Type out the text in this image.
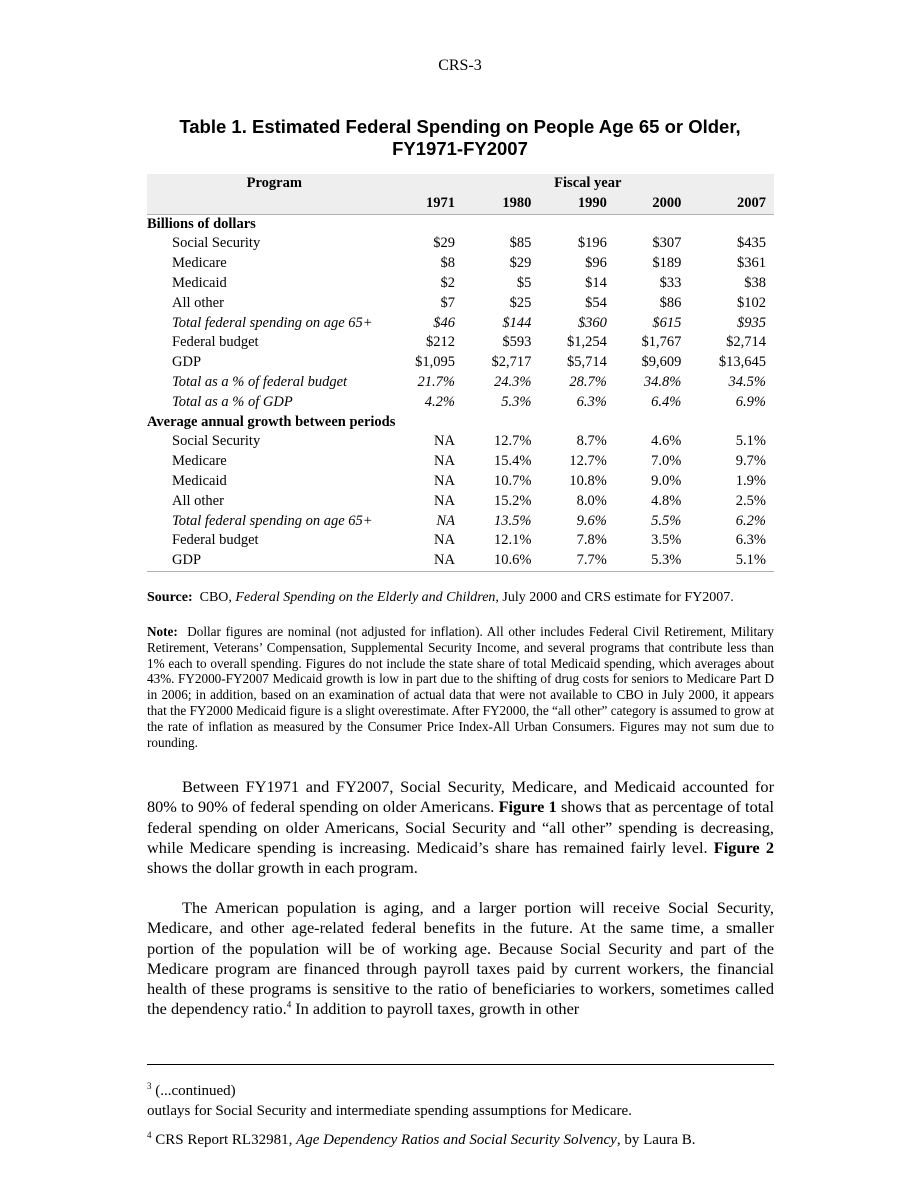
CRS-3
Table 1. Estimated Federal Spending on People Age 65 or Older,
FY1971-FY2007
Program	Fiscal year				
	1971	1980	1990	2000	2007
Billions of dollars					
Social Security	$29	$85	$196	$307	$435
Medicare	$8	$29	$96	$189	$361
Medicaid	$2	$5	$14	$33	$38
All other	$7	$25	$54	$86	$102
Total federal spending on age 65+	$46	$144	$360	$615	$935
Federal budget	$212	$593	$1,254	$1,767	$2,714
GDP	$1,095	$2,717	$5,714	$9,609	$13,645
Total as a % of federal budget	21.7%	24.3%	28.7%	34.8%	34.5%
Total as a % of GDP	4.2%	5.3%	6.3%	6.4%	6.9%
Average annual growth between periods					
Social Security	NA	12.7%	8.7%	4.6%	5.1%
Medicare	NA	15.4%	12.7%	7.0%	9.7%
Medicaid	NA	10.7%	10.8%	9.0%	1.9%
All other	NA	15.2%	8.0%	4.8%	2.5%
Total federal spending on age 65+	NA	13.5%	9.6%	5.5%	6.2%
Federal budget	NA	12.1%	7.8%	3.5%	6.3%
GDP	NA	10.6%	7.7%	5.3%	5.1%
Source: CBO, Federal Spending on the Elderly and Children, July 2000 and CRS estimate for FY2007.
Note: Dollar figures are nominal (not adjusted for inflation). All other includes Federal Civil Retirement, Military Retirement, Veterans’ Compensation, Supplemental Security Income, and several programs that contribute less than 1% each to overall spending. Figures do not include the state share of total Medicaid spending, which averages about 43%. FY2000-FY2007 Medicaid growth is low in part due to the shifting of drug costs for seniors to Medicare Part D in 2006; in addition, based on an examination of actual data that were not available to CBO in July 2000, it appears that the FY2000 Medicaid figure is a slight overestimate. After FY2000, the “all other” category is assumed to grow at the rate of inflation as measured by the Consumer Price Index-All Urban Consumers. Figures may not sum due to rounding.

Between FY1971 and FY2007, Social Security, Medicare, and Medicaid accounted for 80% to 90% of federal spending on older Americans. Figure 1 shows that as percentage of total federal spending on older Americans, Social Security and “all other” spending is decreasing, while Medicare spending is increasing. Medicaid’s share has remained fairly level. Figure 2 shows the dollar growth in each program.

The American population is aging, and a larger portion will receive Social Security, Medicare, and other age-related federal benefits in the future. At the same time, a smaller portion of the population will be of working age. Because Social Security and part of the Medicare program are financed through payroll taxes paid by current workers, the financial health of these programs is sensitive to the ratio of beneficiaries to workers, sometimes called the dependency ratio.$^4$ In addition to payroll taxes, growth in other

$^3$ (...continued)
outlays for Social Security and intermediate spending assumptions for Medicare.
$^4$ CRS Report RL32981, Age Dependency Ratios and Social Security Solvency, by Laura B.
